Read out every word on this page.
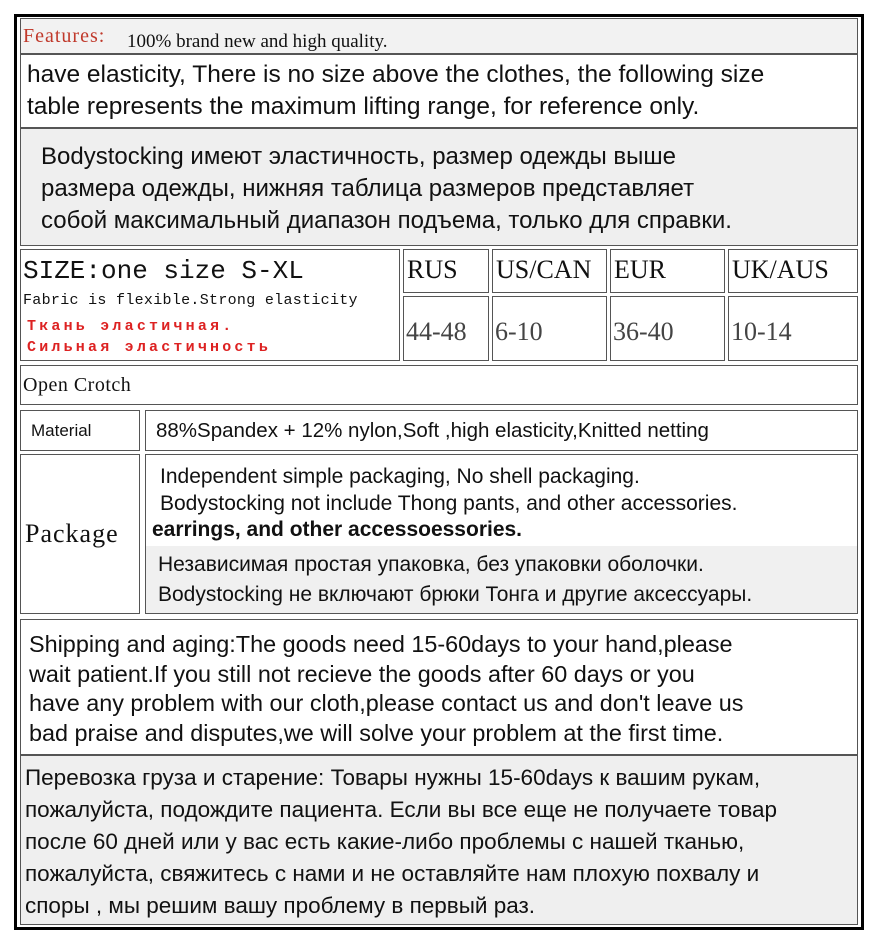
Features: 100% brand new and high quality.
have elasticity, There is no size above the clothes, the following size
table represents the maximum lifting range, for reference only.
Bodystocking имеют эластичность, размер одежды выше
размера одежды, нижняя таблица размеров представляет
собой максимальный диапазон подъема, только для справки.
SIZE:one size S-XL
Fabric is flexible.Strong elasticity
Ткань эластичная.
Сильная эластичность
RUS US/CAN EUR	UK/AUS
44-48 6-10	36-40 10-14
Open Crotch
Material	88%Spandex + 12% nylon,Soft ,high elasticity,Knitted netting
Package
Independent simple packaging, No shell packaging.
Bodystocking not include Thong pants, and other accessories.
earrings, and other accessoessories.
Независимая простая упаковка, без упаковки оболочки.
Bodystocking не включают брюки Тонга и другие аксессуары.
Shipping and aging:The goods need 15-60days to your hand,please
wait patient.If you still not recieve the goods after 60 days or you
have any problem with our cloth,please contact us and don't leave us
bad praise and disputes,we will solve your problem at the first time.
Перевозка груза и старение: Товары нужны 15-60days к вашим рукам,
пожалуйста, подождите пациента. Если вы все еще не получаете товар
после 60 дней или у вас есть какие-либо проблемы с нашей тканью,
пожалуйста, свяжитесь с нами и не оставляйте нам плохую похвалу и
споры , мы решим вашу проблему в первый раз.
